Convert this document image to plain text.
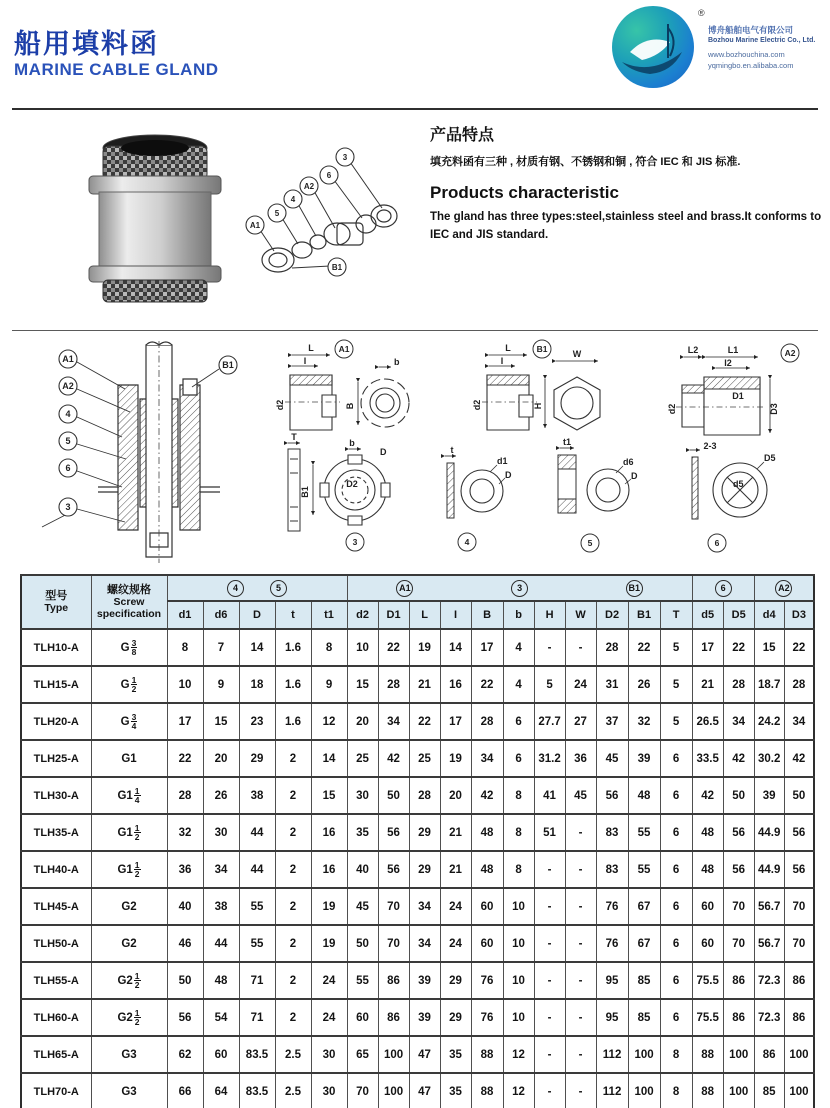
船用填料函
MARINE CABLE GLAND
®
博舟船舶电气有限公司
Bozhou Marine Electric Co., Ltd.
www.bozhouchina.com
yqmingbo.en.alibaba.com
A1
5
4
A2
6
3
B1

产品特点

填充料函有三种 , 材质有钢、不锈钢和铜 , 符合 IEC 和 JIS 标准.

Products characteristic

The gland has three types:steel,stainless steel and brass.It conforms to IEC and JIS standard.

A1
A2
4
5
6
3
B1
L
I
d2
b
B
A1	L
I
d2
W
H
B1	L2	L1
I2
d2
D1
D3
A2
T
b
D
B1
D2
3
t
d1
D
4
t1
d6
D
5
2-3
D5
d5
6
型号
Type	螺纹规格
Screw
specification	4 5					A1 3 B1											6		A2	
		d1	d6	D	t	t1	d2	D1	L	I	B	b	H	W	D2	B1	T	d5	D5	d4	D3
TLH10-A	G $\frac{3}{8}$	8	7	14	1.6	8	10	22	19	14	17	4	-	-	28	22	5	17	22	15	22
TLH15-A	G $\frac{1}{2}$	10	9	18	1.6	9	15	28	21	16	22	4	5	24	31	26	5	21	28	18.7	28
TLH20-A	G $\frac{3}{4}$	17	15	23	1.6	12	20	34	22	17	28	6	27.7	27	37	32	5	26.5	34	24.2	34
TLH25-A	G1	22	20	29	2	14	25	42	25	19	34	6	31.2	36	45	39	6	33.5	42	30.2	42
TLH30-A	$G1 \frac{1}{4}$	28	26	38	2	15	30	50	28	20	42	8	41	45	56	48	6	42	50	39	50
TLH35-A	$G1 \frac{1}{2}$	32	30	44	2	16	35	56	29	21	48	8	51	-	83	55	6	48	56	44.9	56
TLH40-A	$G1 \frac{1}{2}$	36	34	44	2	16	40	56	29	21	48	8	-	-	83	55	6	48	56	44.9	56
TLH45-A	G2	40	38	55	2	19	45	70	34	24	60	10	-	-	76	67	6	60	70	56.7	70
TLH50-A	G2	46	44	55	2	19	50	70	34	24	60	10	-	-	76	67	6	60	70	56.7	70
TLH55-A	$G2 \frac{1}{2}$	50	48	71	2	24	55	86	39	29	76	10	-	-	95	85	6	75.5	86	72.3	86
TLH60-A	$G2 \frac{1}{2}$	56	54	71	2	24	60	86	39	29	76	10	-	-	95	85	6	75.5	86	72.3	86
TLH65-A	G3	62	60	83.5	2.5	30	65	100	47	35	88	12	-	-	112	100	8	88	100	86	100
TLH70-A	G3	66	64	83.5	2.5	30	70	100	47	35	88	12	-	-	112	100	8	88	100	85	100
